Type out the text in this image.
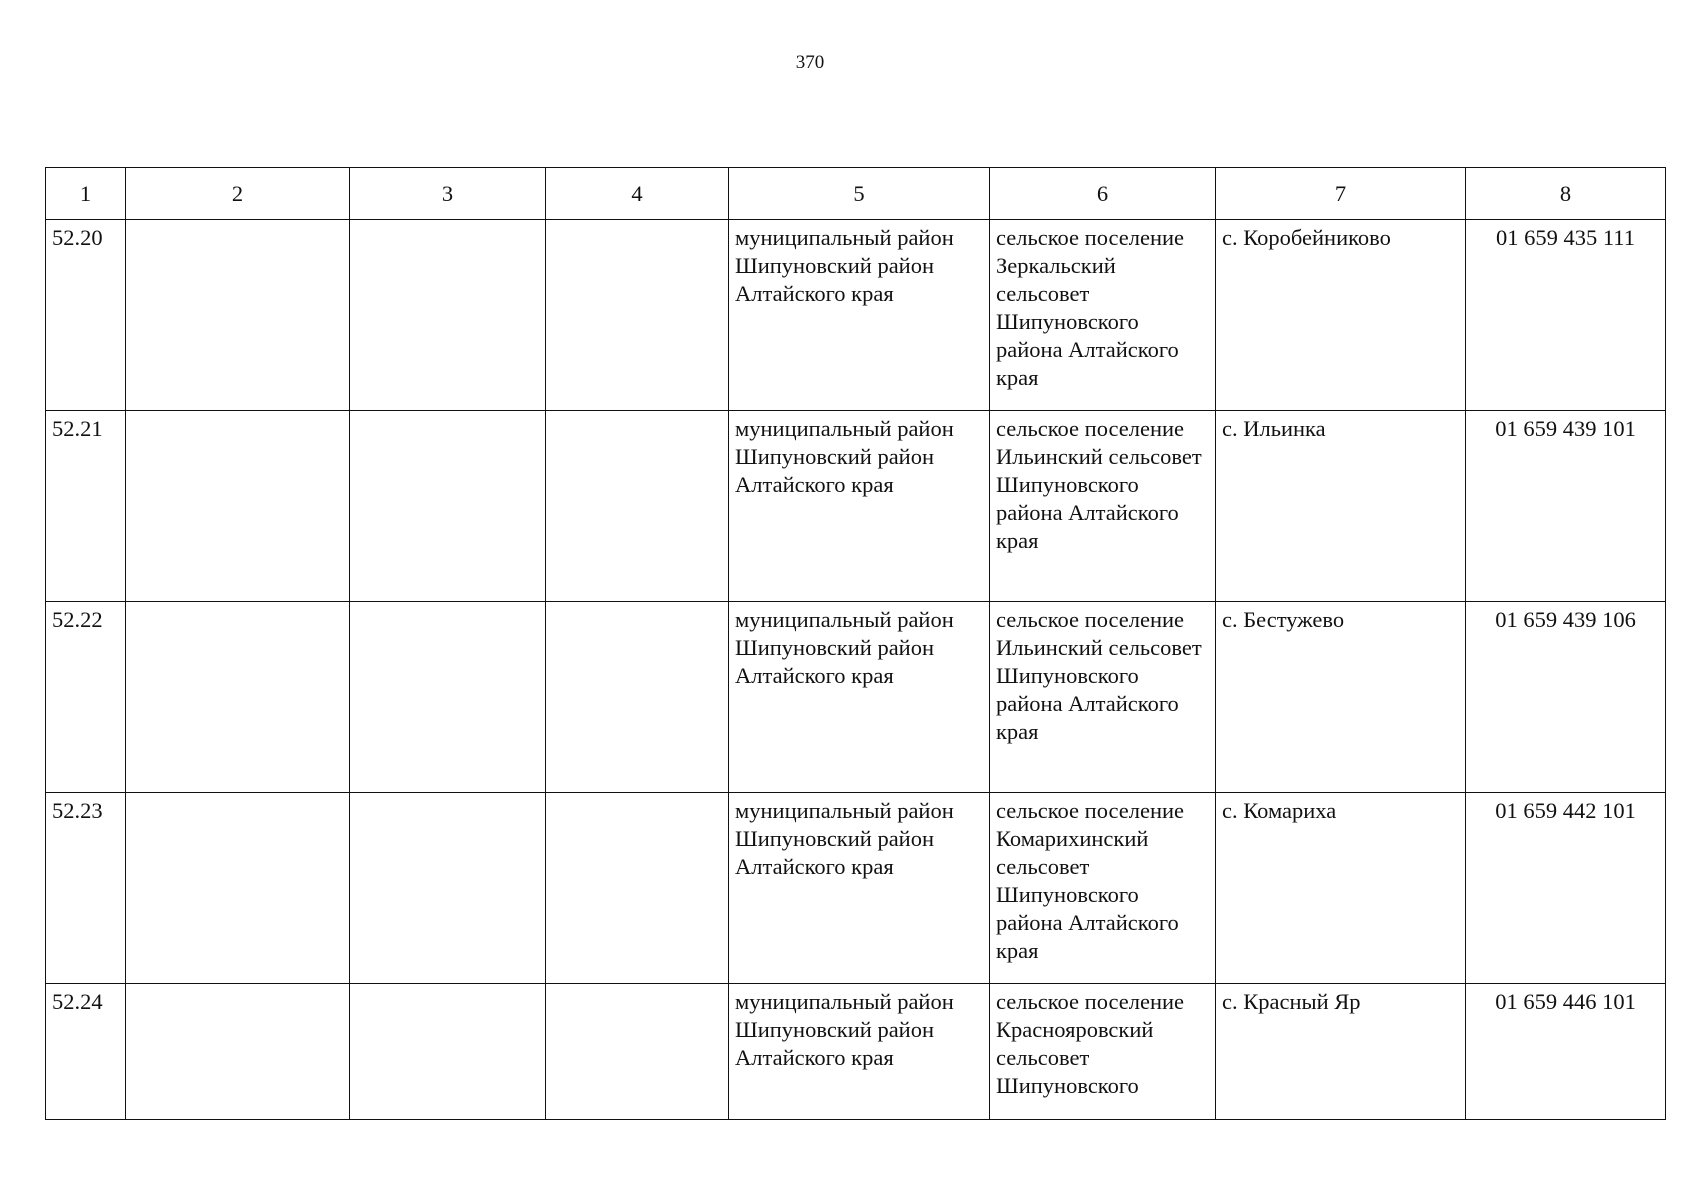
370
1	2	3	4	5	6	7	8
52.20				муниципальный район Шипуновский район Алтайского края	сельское поселение Зеркальский сельсовет Шипуновского района Алтайского края	с. Коробейниково	01 659 435 111
52.21				муниципальный район Шипуновский район Алтайского края	сельское поселение Ильинский сельсовет Шипуновского района Алтайского края	с. Ильинка	01 659 439 101
52.22				муниципальный район Шипуновский район Алтайского края	сельское поселение Ильинский сельсовет Шипуновского района Алтайского края	с. Бестужево	01 659 439 106
52.23				муниципальный район Шипуновский район Алтайского края	сельское поселение Комарихинский сельсовет Шипуновского района Алтайского края	с. Комариха	01 659 442 101
52.24				муниципальный район Шипуновский район Алтайского края	сельское поселение Краснояровский сельсовет Шипуновского	с. Красный Яр	01 659 446 101
